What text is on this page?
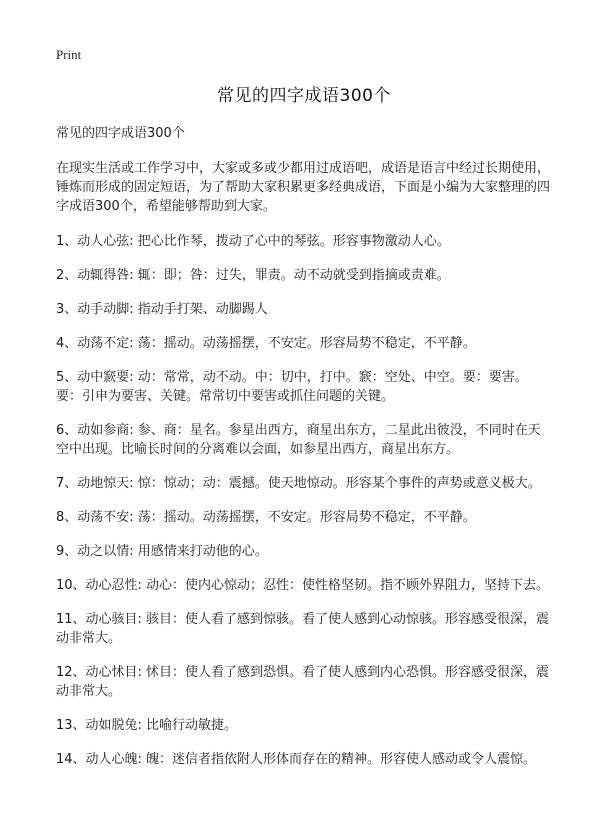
Print
常见的四字成语300个

常见的四字成语300个

在现实生活或工作学习中，大家或多或少都用过成语吧，成语是语言中经过长期使用，锤炼而形成的固定短语，为了帮助大家积累更多经典成语，下面是小编为大家整理的四字成语300个，希望能够帮助到大家。

1、动人心弦: 把心比作琴，拨动了心中的琴弦。形容事物激动人心。
2、动辄得咎: 辄：即；咎：过失，罪责。动不动就受到指摘或责难。
3、动手动脚: 指动手打架、动脚踢人
4、动荡不定: 荡：摇动。动荡摇摆，不安定。形容局势不稳定，不平静。
5、动中窾要: 动：常常，动不动。中：切中，打中。窾：空处、中空。要：要害。要：引申为要害、关键。常常切中要害或抓住问题的关键。
6、动如参商: 参、商：星名。参星出西方，商星出东方，二星此出彼没，不同时在天空中出现。比喻长时间的分离难以会面，如参星出西方，商星出东方。
7、动地惊天: 惊：惊动；动：震撼。使天地惊动。形容某个事件的声势或意义极大。
8、动荡不安: 荡：摇动。动荡摇摆，不安定。形容局势不稳定，不平静。
9、动之以情: 用感情来打动他的心。
10、动心忍性: 动心：使内心惊动；忍性：使性格坚韧。指不顾外界阻力，坚持下去。
11、动心骇目: 骇目：使人看了感到惊骇。看了使人感到心动惊骇。形容感受很深，震动非常大。
12、动心怵目: 怵目：使人看了感到恐惧。看了使人感到内心恐惧。形容感受很深，震动非常大。
13、动如脱兔: 比喻行动敏捷。
14、动人心魄: 魄：迷信者指依附人形体而存在的精神。形容使人感动或令人震惊。
